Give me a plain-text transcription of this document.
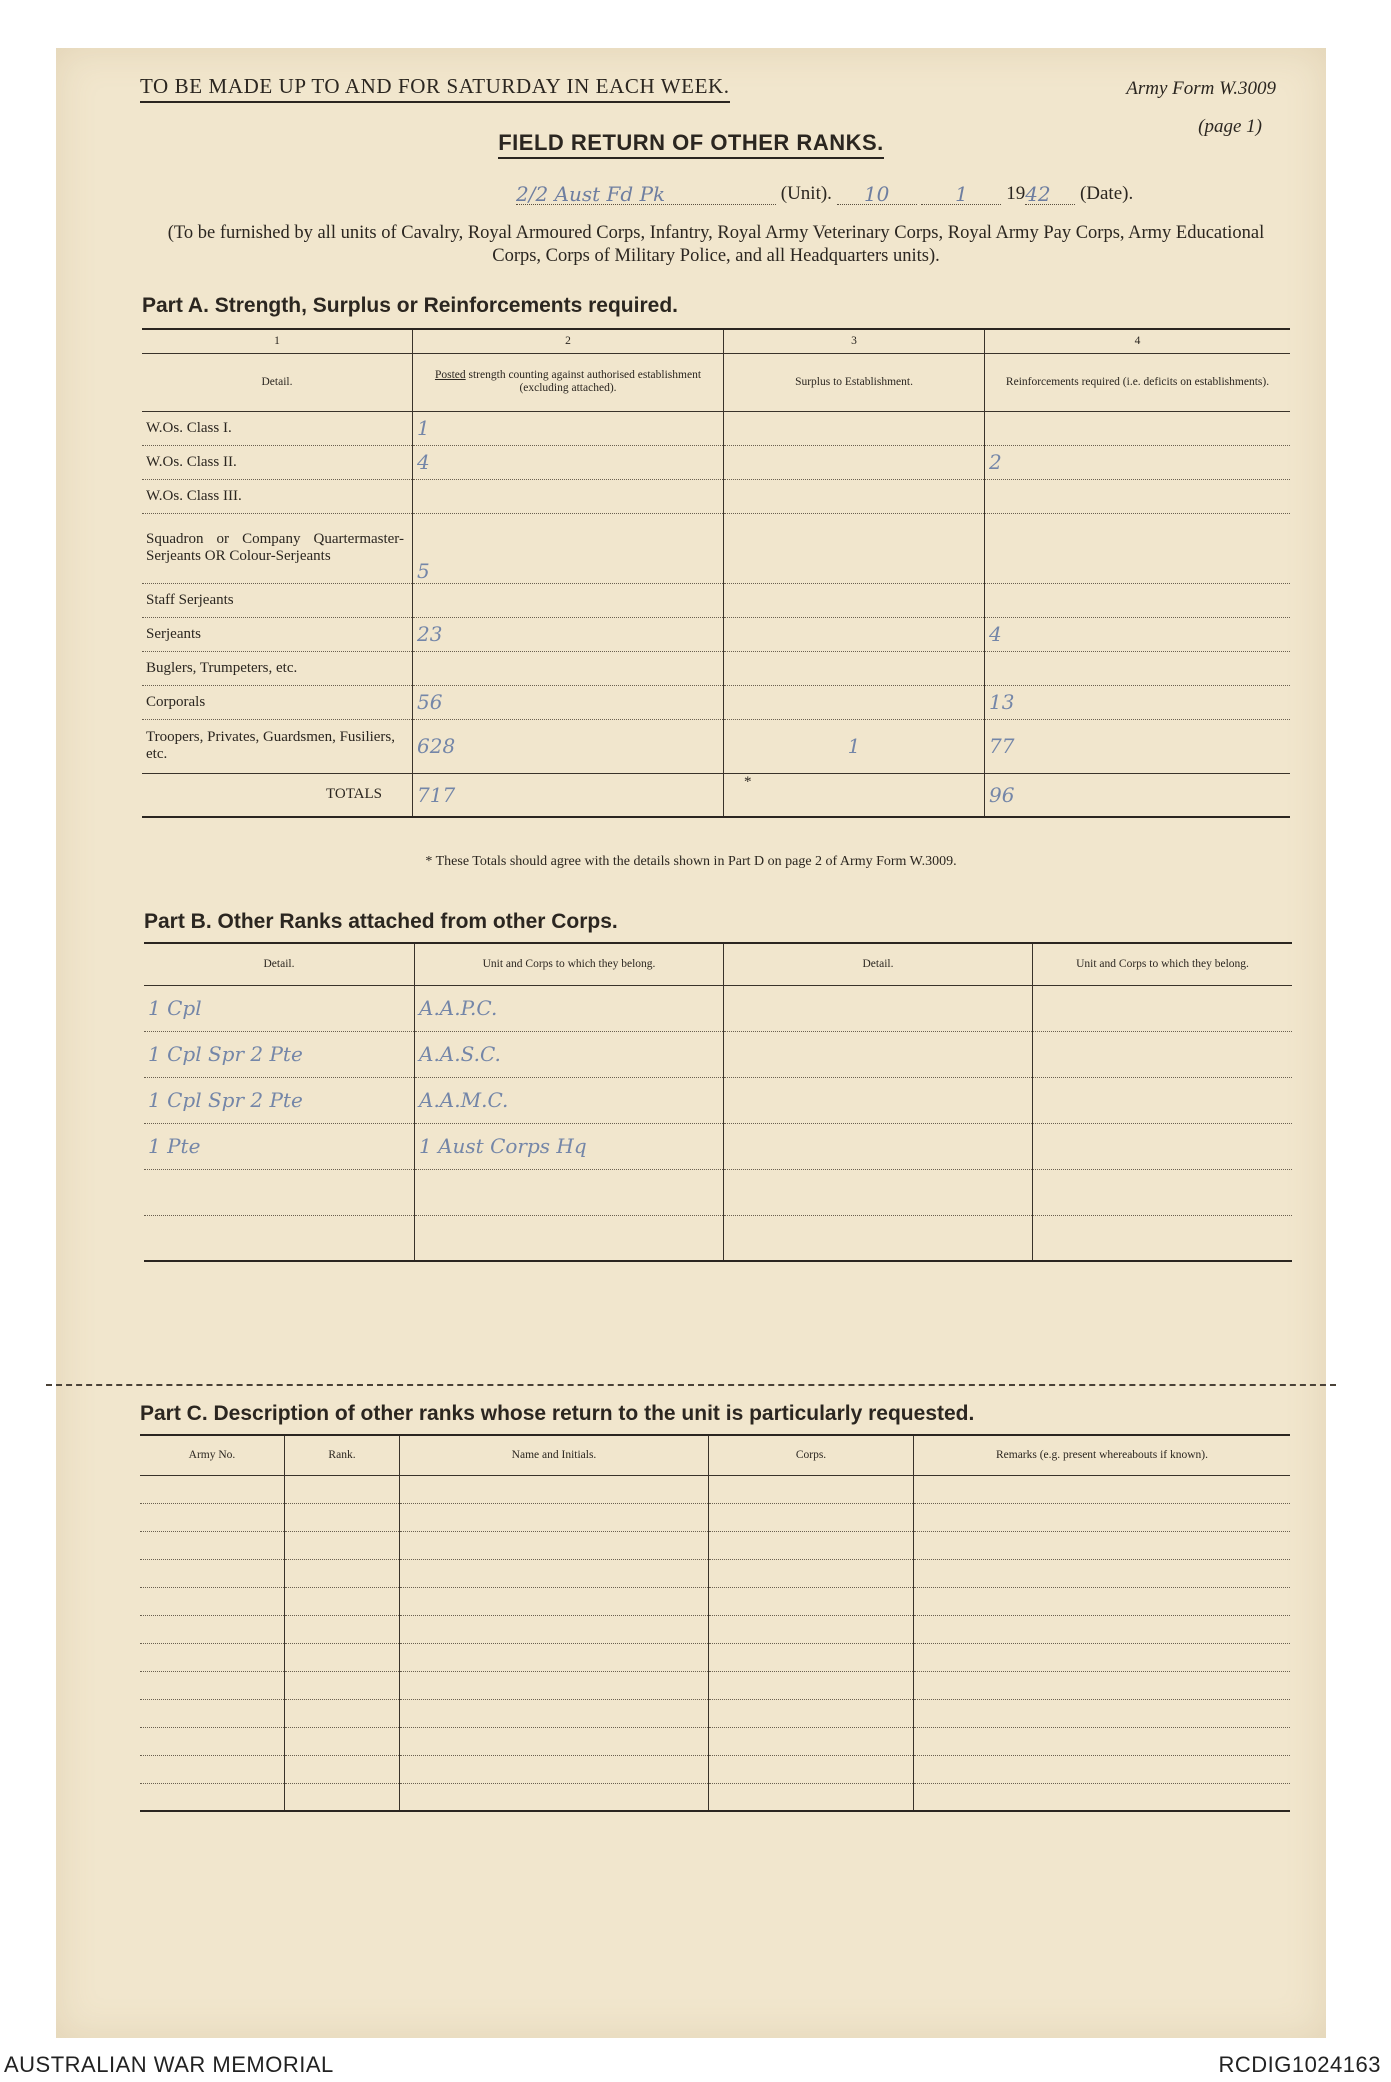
TO BE MADE UP TO AND FOR SATURDAY IN EACH WEEK.	Army Form W.3009
(page 1)
FIELD RETURN OF OTHER RANKS.
2/2 Aust Fd Pk	(Unit). 10	1 1942 (Date).
(To be furnished by all units of Cavalry, Royal Armoured Corps, Infantry, Royal Army Veterinary Corps, Royal Army Pay Corps, Army Educational Corps, Corps of Military Police, and all Headquarters units).
Part A. Strength, Surplus or Reinforcements required.
1	2	3	4
Detail.	Posted strength counting against authorised establishment (excluding attached).	Surplus to Establishment.	Reinforcements required (i.e. deficits on establishments).
W.Os. Class I.	1		
W.Os. Class II.	4		2
W.Os. Class III.			
Squadron or Company Quartermaster-Serjeants OR Colour-Serjeants	5		
Staff Serjeants			
Serjeants	23		4
Buglers, Trumpeters, etc.			
Corporals	56		13
Troopers, Privates, Guardsmen, Fusiliers, etc.	628	1	77
TOTALS	717	*	96
* These Totals should agree with the details shown in Part D on page 2 of Army Form W.3009.
Part B. Other Ranks attached from other Corps.
Detail.	Unit and Corps to which they belong.	Detail.	Unit and Corps to which they belong.
1 Cpl	A.A.P.C.		
1 Cpl Spr 2 Pte	A.A.S.C.		
1 Cpl Spr 2 Pte	A.A.M.C.		
1 Pte	1 Aust Corps Hq		

Part C. Description of other ranks whose return to the unit is particularly requested.
Army No.	Rank.	Name and Initials.	Corps.	Remarks (e.g. present whereabouts if known).

AUSTRALIAN WAR MEMORIAL	RCDIG1024163
